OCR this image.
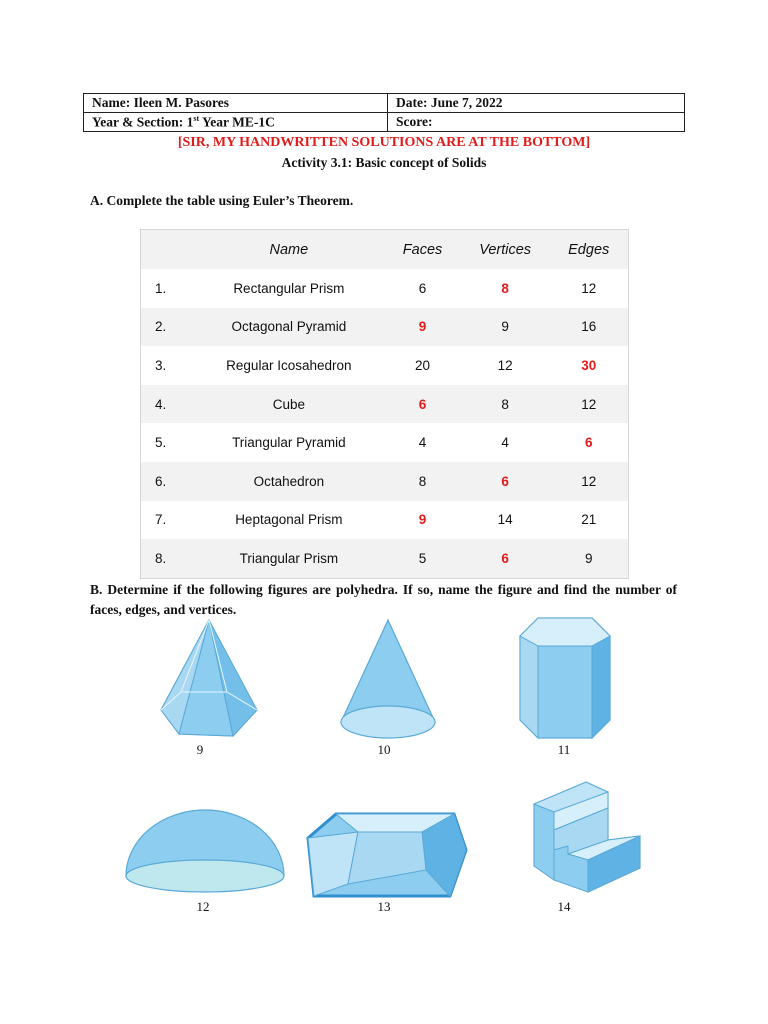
Name: Ileen M. Pasores	Date: June 7, 2022
Year & Section: 1st Year ME-1C	Score:
[SIR, MY HANDWRITTEN SOLUTIONS ARE AT THE BOTTOM]
Activity 3.1: Basic concept of Solids
A. Complete the table using Euler’s Theorem.
	Name	Faces	Vertices	Edges
1.	Rectangular Prism	6	8	12
2.	Octagonal Pyramid	9	9	16
3.	Regular Icosahedron	20	12	30
4.	Cube	6	8	12
5.	Triangular Pyramid	4	4	6
6.	Octahedron	8	6	12
7.	Heptagonal Prism	9	14	21
8.	Triangular Prism	5	6	9
B. Determine if the following figures are polyhedra. If so, name the figure and find the number of faces, edges, and vertices.
9	10	11
12	13	14
